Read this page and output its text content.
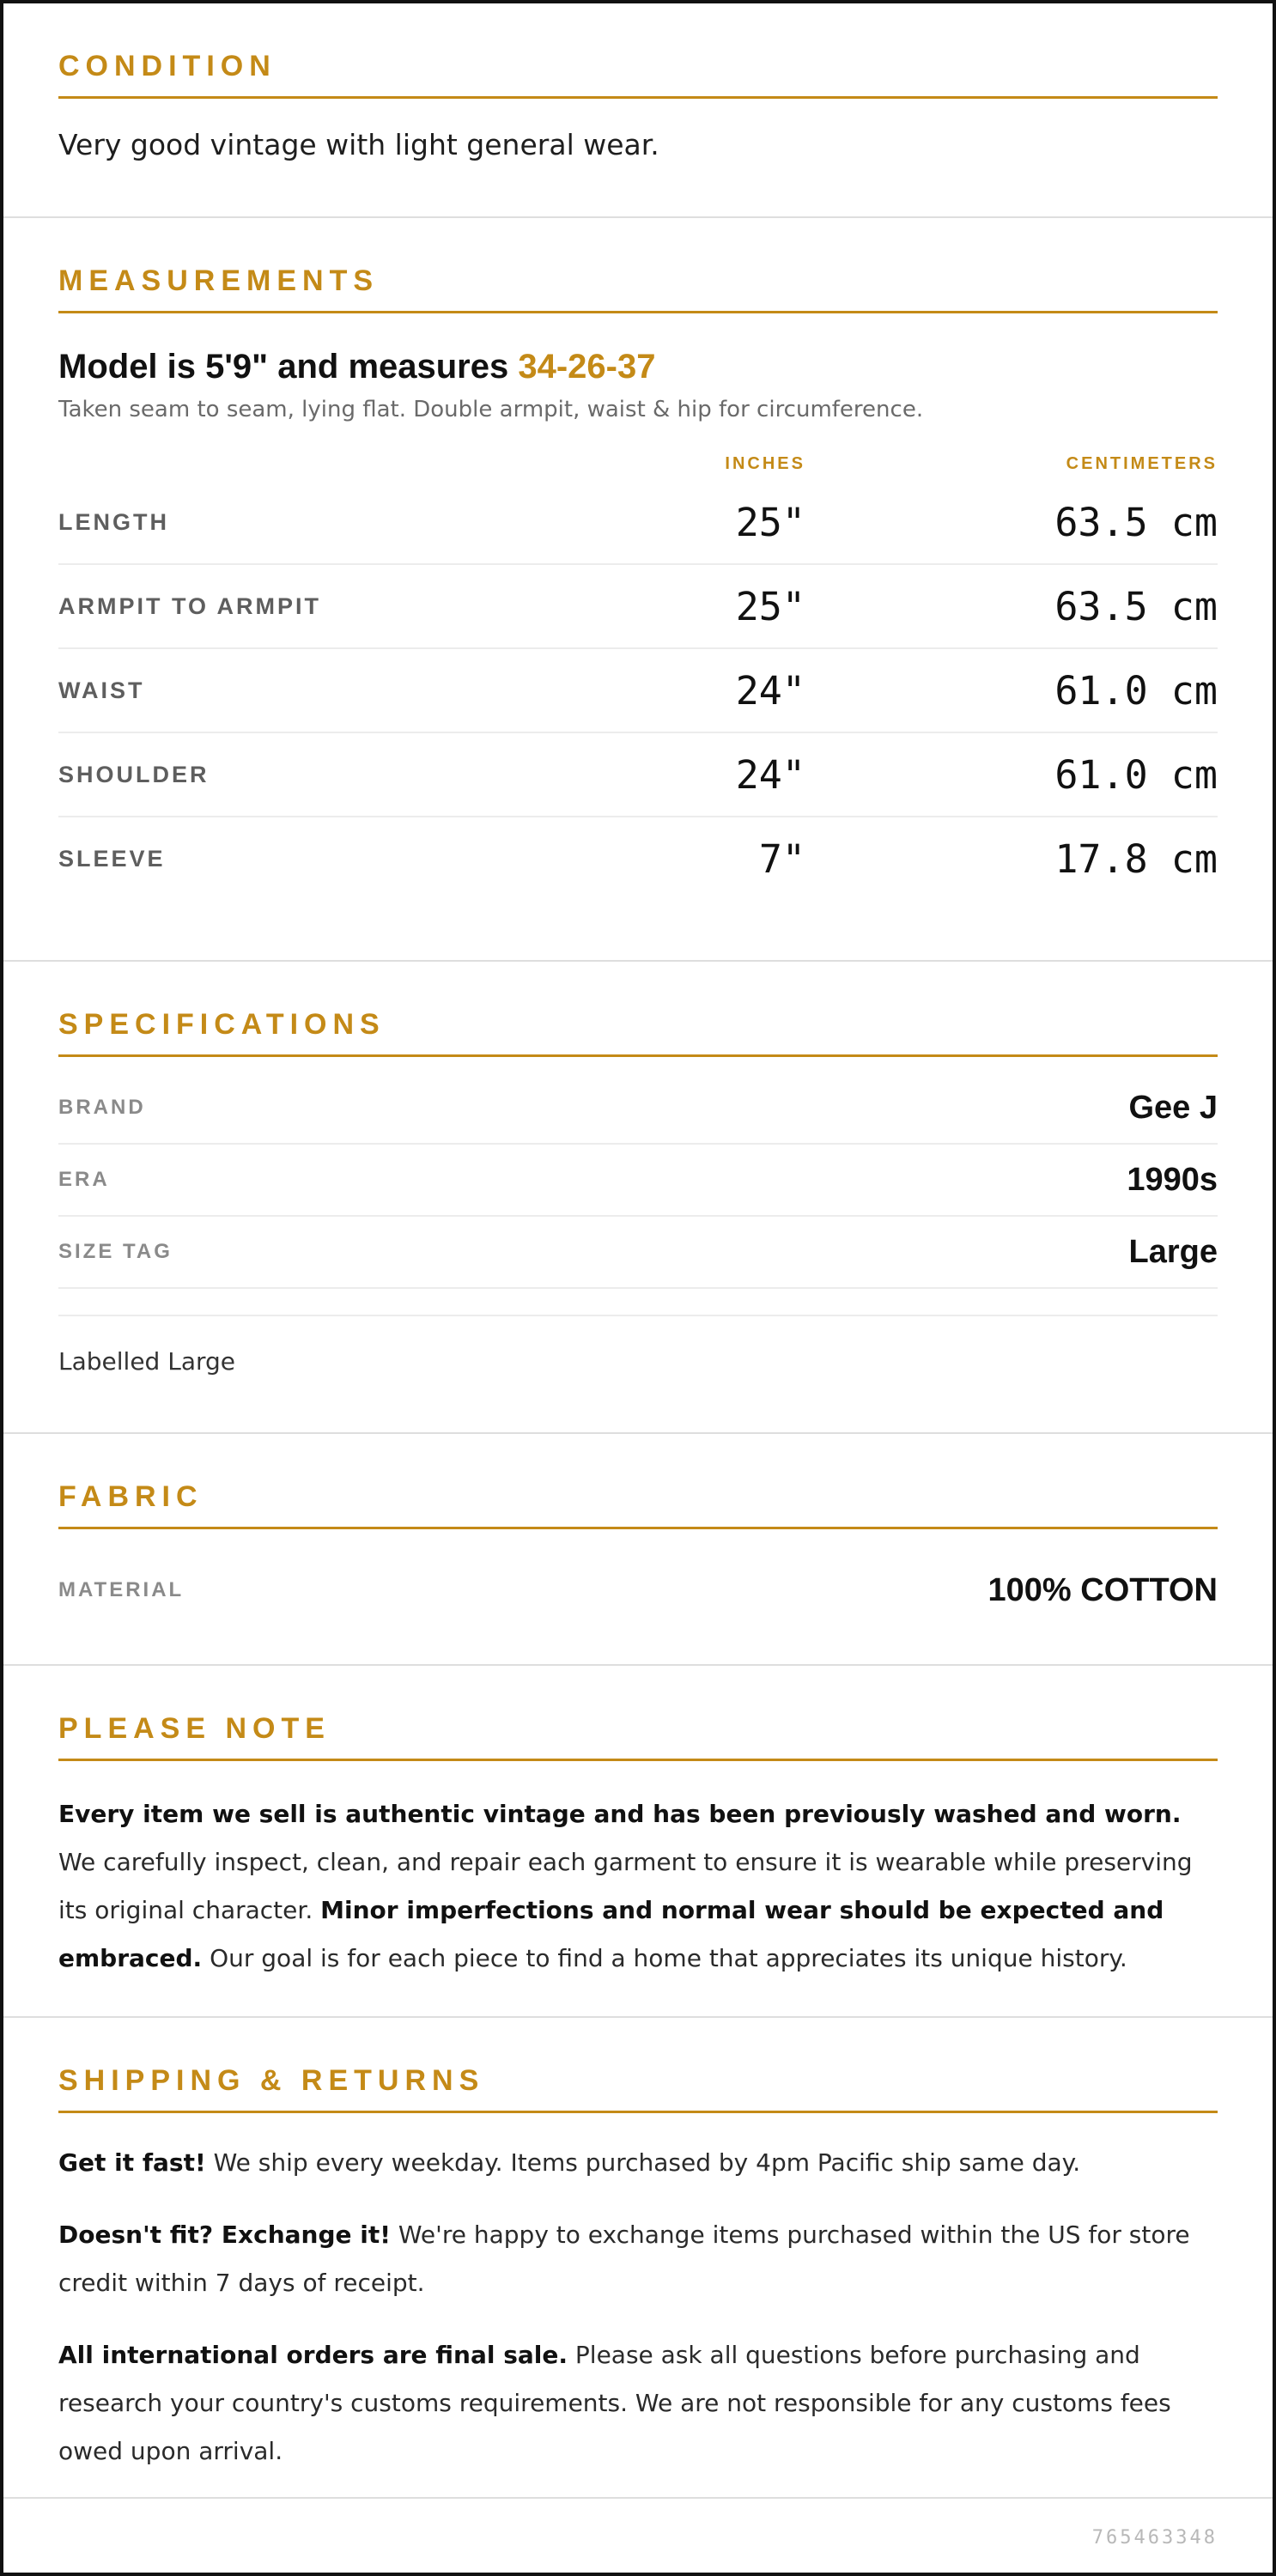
CONDITION
Very good vintage with light general wear.
MEASUREMENTS
Model is 5'9" and measures 34-26-37
Taken seam to seam, lying flat. Double armpit, waist & hip for circumference.
INCHES	CENTIMETERS
LENGTH	25"	63.5 cm
ARMPIT TO ARMPIT	25"	63.5 cm
WAIST	24"	61.0 cm
SHOULDER	24"	61.0 cm
SLEEVE	7"	17.8 cm
SPECIFICATIONS
BRAND	Gee J
ERA	1990s
SIZE TAG	Large
Labelled Large
FABRIC
MATERIAL	100% COTTON
PLEASE NOTE

Every item we sell is authentic vintage and has been previously washed and worn. We carefully inspect, clean, and repair each garment to ensure it is wearable while preserving its original character. Minor imperfections and normal wear should be expected and embraced. Our goal is for each piece to find a home that appreciates its unique history.

SHIPPING & RETURNS

Get it fast! We ship every weekday. Items purchased by 4pm Pacific ship same day.

Doesn't fit? Exchange it! We're happy to exchange items purchased within the US for store credit within 7 days of receipt.

All international orders are final sale. Please ask all questions before purchasing and research your country's customs requirements. We are not responsible for any customs fees owed upon arrival.

765463348
